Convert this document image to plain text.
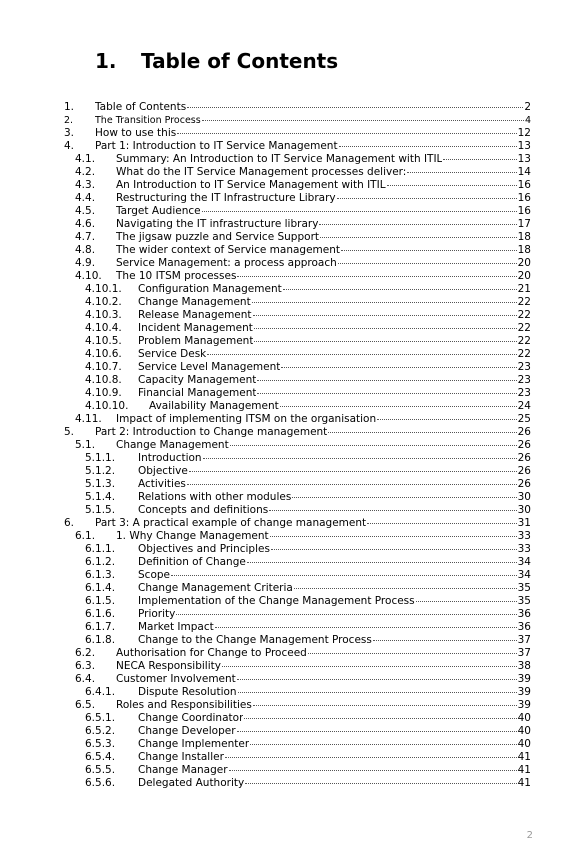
1.	Table of Contents
1.	Table of Contents	2
2.	The Transition Process	4
3.	How to use this	12
4.	Part 1: Introduction to IT Service Management	13
4.1.	Summary: An Introduction to IT Service Management with ITIL	13
4.2.	What do the IT Service Management processes deliver:	14
4.3.	An Introduction to IT Service Management with ITIL	16
4.4.	Restructuring the IT Infrastructure Library	16
4.5.	Target Audience	16
4.6.	Navigating the IT infrastructure library	17
4.7.	The jigsaw puzzle and Service Support	18
4.8.	The wider context of Service management	18
4.9.	Service Management: a process approach	20
4.10.	The 10 ITSM processes	20
4.10.1.	Configuration Management	21
4.10.2.	Change Management	22
4.10.3.	Release Management	22
4.10.4.	Incident Management	22
4.10.5.	Problem Management	22
4.10.6.	Service Desk	22
4.10.7.	Service Level Management	23
4.10.8.	Capacity Management	23
4.10.9.	Financial Management	23
4.10.10.	Availability Management	24
4.11.	Impact of implementing ITSM on the organisation	25
5.	Part 2: Introduction to Change management	26
5.1.	Change Management	26
5.1.1.	Introduction	26
5.1.2.	Objective	26
5.1.3.	Activities	26
5.1.4.	Relations with other modules	30
5.1.5.	Concepts and definitions	30
6.	Part 3: A practical example of change management	31
6.1.	1. Why Change Management	33
6.1.1.	Objectives and Principles	33
6.1.2.	Definition of Change	34
6.1.3.	Scope	34
6.1.4.	Change Management Criteria	35
6.1.5.	Implementation of the Change Management Process	35
6.1.6.	Priority	36
6.1.7.	Market Impact	36
6.1.8.	Change to the Change Management Process	37
6.2.	Authorisation for Change to Proceed	37
6.3.	NECA Responsibility	38
6.4.	Customer Involvement	39
6.4.1.	Dispute Resolution	39
6.5.	Roles and Responsibilities	39
6.5.1.	Change Coordinator	40
6.5.2.	Change Developer	40
6.5.3.	Change Implementer	40
6.5.4.	Change Installer	41
6.5.5.	Change Manager	41
6.5.6.	Delegated Authority	41
2
